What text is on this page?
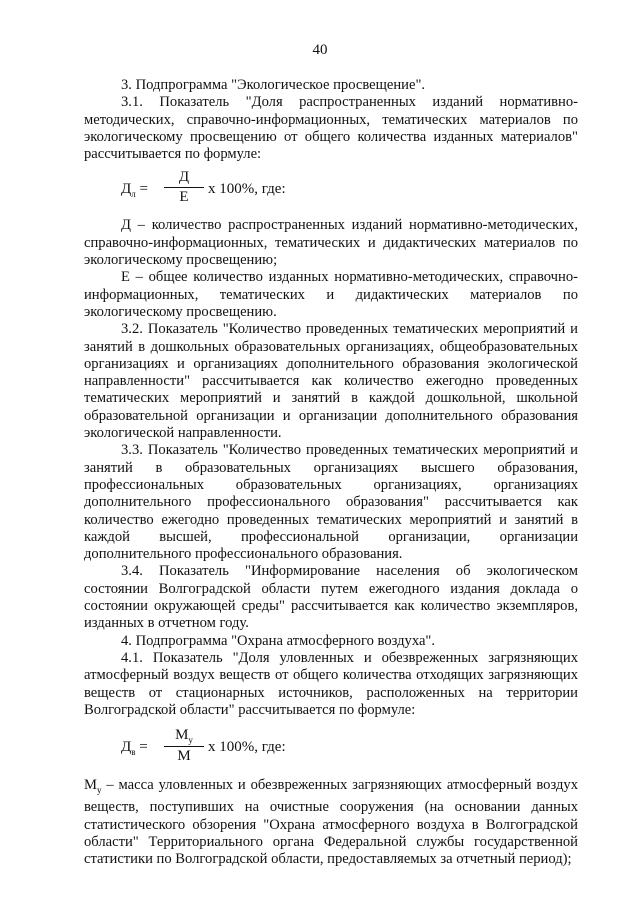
40

3. Подпрограмма "Экологическое просвещение".

3.1. Показатель "Доля распространенных изданий нормативно-методических, справочно-информационных, тематических материалов по экологическому просвещению от общего количества изданных материалов" рассчитывается по формуле:

$Д_л$ =
Д
Е	x 100%, где:

Д – количество распространенных изданий нормативно-методических, справочно-информационных, тематических и дидактических материалов по экологическому просвещению;

Е – общее количество изданных нормативно-методических, справочно-информационных, тематических и дидактических материалов по экологическому просвещению.

3.2. Показатель "Количество проведенных тематических мероприятий и занятий в дошкольных образовательных организациях, общеобразовательных организациях и организациях дополнительного образования экологической направленности" рассчитывается как количество ежегодно проведенных тематических мероприятий и занятий в каждой дошкольной, школьной образовательной организации и организации дополнительного образования экологической направленности.

3.3. Показатель "Количество проведенных тематических мероприятий и занятий в образовательных организациях высшего образования, профессиональных образовательных организациях, организациях дополнительного профессионального образования" рассчитывается как количество ежегодно проведенных тематических мероприятий и занятий в каждой высшей, профессиональной организации, организации дополнительного профессионального образования.

3.4. Показатель "Информирование населения об экологическом состоянии Волгоградской области путем ежегодного издания доклада о состоянии окружающей среды" рассчитывается как количество экземпляров, изданных в отчетном году.

4. Подпрограмма "Охрана атмосферного воздуха".

4.1. Показатель "Доля уловленных и обезвреженных загрязняющих атмосферный воздух веществ от общего количества отходящих загрязняющих веществ от стационарных источников, расположенных на территории Волгоградской области" рассчитывается по формуле:

$Д_в$ =
$М_у$
М
x 100%, где:

$М_у$ – масса уловленных и обезвреженных загрязняющих атмосферный воздух веществ, поступивших на очистные сооружения (на основании данных статистического обзорения "Охрана атмосферного воздуха в Волгоградской области" Территориального органа Федеральной службы государственной статистики по Волгоградской области, предоставляемых за отчетный период);
